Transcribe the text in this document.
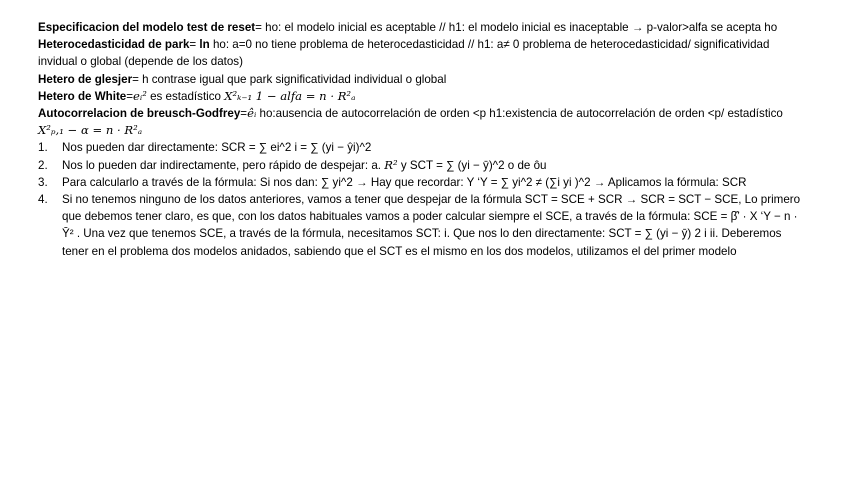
Especificacion del modelo test de reset= ho: el modelo inicial es aceptable // h1: el modelo inicial es inaceptable → p-valor>alfa se acepta ho

Heterocedasticidad de park= ln ho: a=0 no tiene problema de heterocedasticidad // h1: a≠ 0 problema de heterocedasticidad/ significatividad invidual o global (depende de los datos)

Hetero de glesjer= h contrase igual que park significatividad individual o global

Hetero de White=eᵢ² es estadístico X²ₖ₋₁ 1 − alfa = n · R²ₐ

Autocorrelacion de breusch-Godfrey=êᵢ ho:ausencia de autocorrelación de orden <p h1:existencia de autocorrelación de orden <p/ estadístico X²ₚ,₁ − α = n · R²ₐ

1. Nos pueden dar directamente: SCR = ∑ ei^2 i = ∑ (yi − ŷi)^2
2. Nos lo pueden dar indirectamente, pero rápido de despejar: a. R² y SCT = ∑ (yi − ȳ)^2 o de ôu
3. Para calcularlo a través de la fórmula: Si nos dan: ∑ yi^2 → Hay que recordar: Y ‘Y = ∑ yi^2 ≠ (∑i yi )^2 → Aplicamos la fórmula: SCR
4. Si no tenemos ninguno de los datos anteriores, vamos a tener que despejar de la fórmula SCT = SCE + SCR → SCR = SCT − SCE, Lo primero que debemos tener claro, es que, con los datos habituales vamos a poder calcular siempre el SCE, a través de la fórmula: SCE = β̂’ · X ‘Y − n · Ȳ² . Una vez que tenemos SCE, a través de la fórmula, necesitamos SCT: i. Que nos lo den directamente: SCT = ∑ (yi − ȳ) 2 i ii. Deberemos tener en el problema dos modelos anidados, sabiendo que el SCT es el mismo en los dos modelos, utilizamos el del primer modelo
